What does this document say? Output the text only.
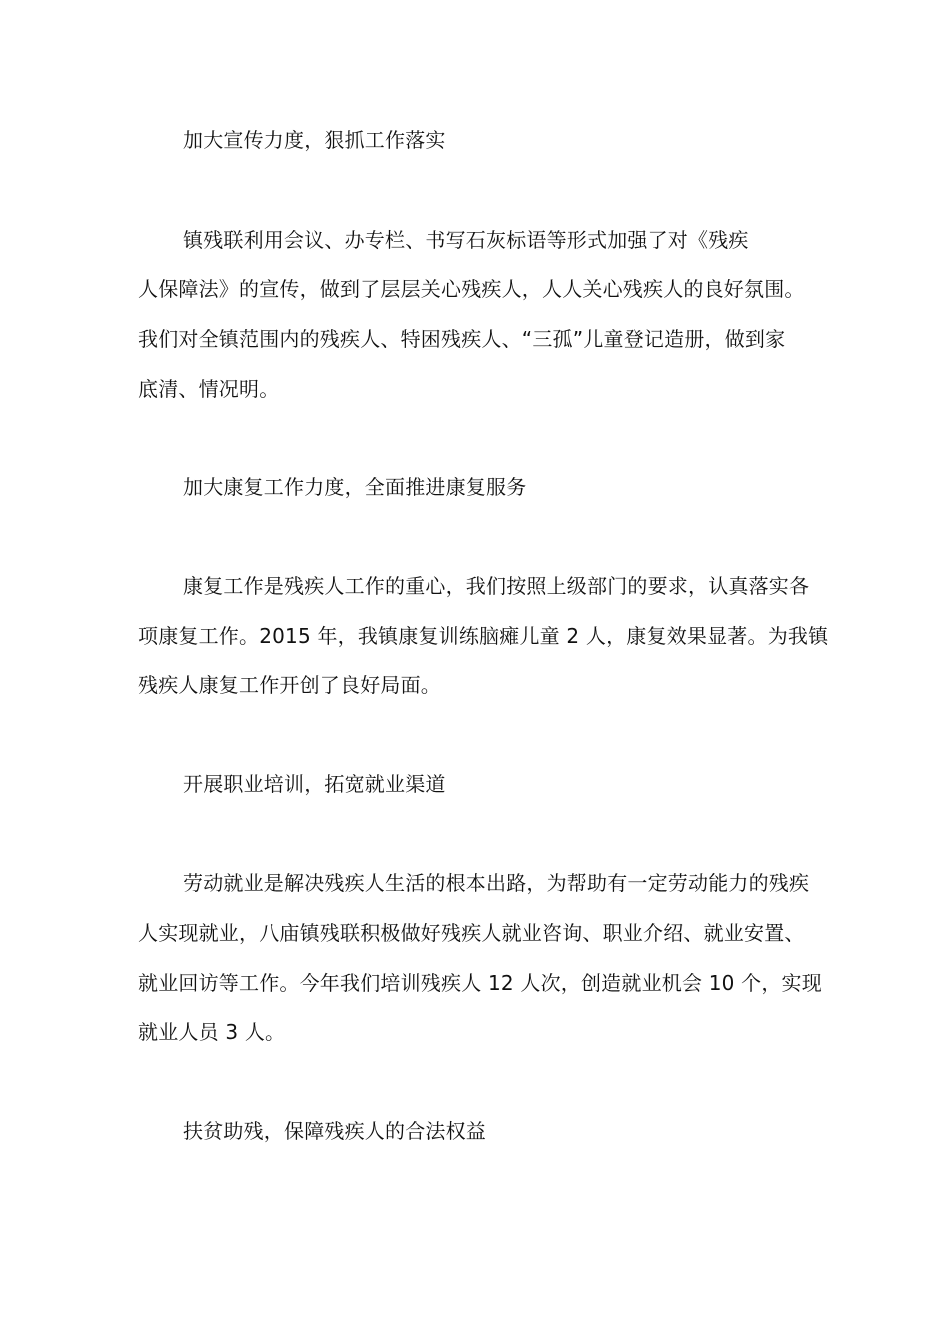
加大宣传力度，狠抓工作落实
镇残联利用会议、办专栏、书写石灰标语等形式加强了对《残疾
人保障法》的宣传，做到了层层关心残疾人，人人关心残疾人的良好氛围。
我们对全镇范围内的残疾人、特困残疾人、“三孤”儿童登记造册，做到家
底清、情况明。
加大康复工作力度，全面推进康复服务
康复工作是残疾人工作的重心，我们按照上级部门的要求，认真落实各
项康复工作。2015 年，我镇康复训练脑瘫儿童 2 人，康复效果显著。为我镇
残疾人康复工作开创了良好局面。
开展职业培训，拓宽就业渠道
劳动就业是解决残疾人生活的根本出路，为帮助有一定劳动能力的残疾
人实现就业，八庙镇残联积极做好残疾人就业咨询、职业介绍、就业安置、
就业回访等工作。今年我们培训残疾人 12 人次，创造就业机会 10 个，实现
就业人员 3 人。
扶贫助残，保障残疾人的合法权益
